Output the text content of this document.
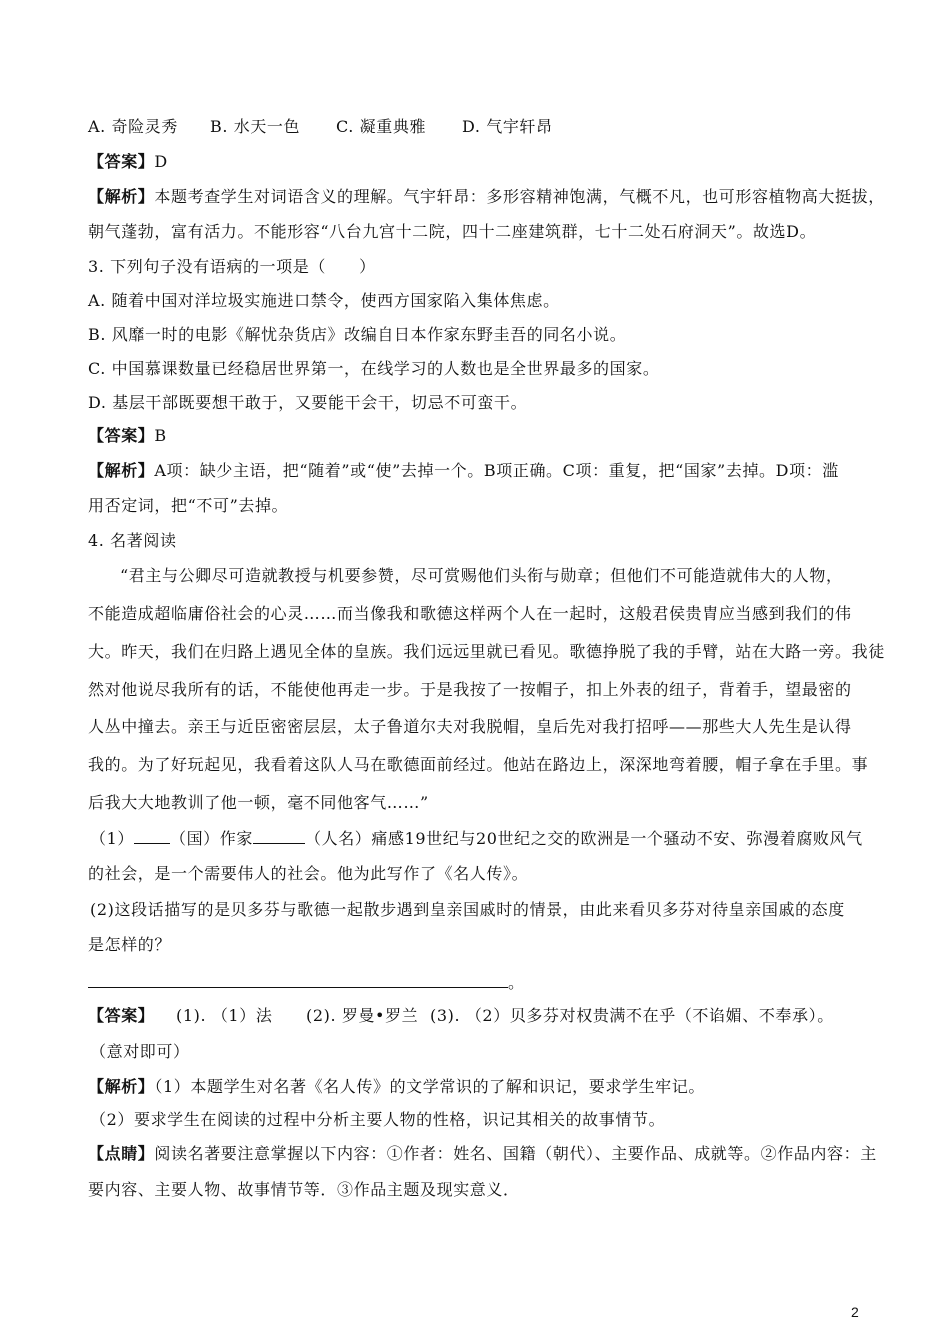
A. 奇险灵秀 B. 水天一色 C. 凝重典雅 D. 气宇轩昂
【答案】D
【解析】本题考查学生对词语含义的理解。气宇轩昂：多形容精神饱满，气概不凡，也可形容植物高大挺拔，
朝气蓬勃，富有活力。不能形容“八台九宫十二院，四十二座建筑群，七十二处石府洞天”。故选D。
3. 下列句子没有语病的一项是（　　）
A. 随着中国对洋垃圾实施进口禁令，使西方国家陷入集体焦虑。
B. 风靡一时的电影《解忧杂货店》改编自日本作家东野圭吾的同名小说。
C. 中国慕课数量已经稳居世界第一，在线学习的人数也是全世界最多的国家。
D. 基层干部既要想干敢于，又要能干会干，切忌不可蛮干。
【答案】B
【解析】A项：缺少主语，把“随着”或“使”去掉一个。B项正确。C项：重复，把“国家”去掉。D项：滥
用否定词，把“不可”去掉。
4. 名著阅读
“君主与公卿尽可造就教授与机要参赞，尽可赏赐他们头衔与勋章；但他们不可能造就伟大的人物，
不能造成超临庸俗社会的心灵……而当像我和歌德这样两个人在一起时，这般君侯贵胄应当感到我们的伟
大。昨天，我们在归路上遇见全体的皇族。我们远远里就已看见。歌德挣脱了我的手臂，站在大路一旁。我徒
然对他说尽我所有的话，不能使他再走一步。于是我按了一按帽子，扣上外表的纽子，背着手，望最密的
人丛中撞去。亲王与近臣密密层层，太子鲁道尔夫对我脱帽，皇后先对我打招呼——那些大人先生是认得
我的。为了好玩起见，我看着这队人马在歌德面前经过。他站在路边上，深深地弯着腰，帽子拿在手里。事
后我大大地教训了他一顿，毫不同他客气……”
（1） （国）作家	（人名）痛感19世纪与20世纪之交的欧洲是一个骚动不安、弥漫着腐败风气
的社会，是一个需要伟人的社会。他为此写作了《名人传》。
(2)这段话描写的是贝多芬与歌德一起散步遇到皇亲国戚时的情景，由此来看贝多芬对待皇亲国戚的态度
是怎样的？
。
【答案】 (1). （1）法 (2). 罗曼•罗兰 (3). （2）贝多芬对权贵满不在乎（不谄媚、不奉承）。
（意对即可）
【解析】（1）本题学生对名著《名人传》的文学常识的了解和识记，要求学生牢记。
（2）要求学生在阅读的过程中分析主要人物的性格，识记其相关的故事情节。
【点睛】阅读名著要注意掌握以下内容：①作者：姓名、国籍（朝代）、主要作品、成就等。②作品内容：主
要内容、主要人物、故事情节等．③作品主题及现实意义．
2
